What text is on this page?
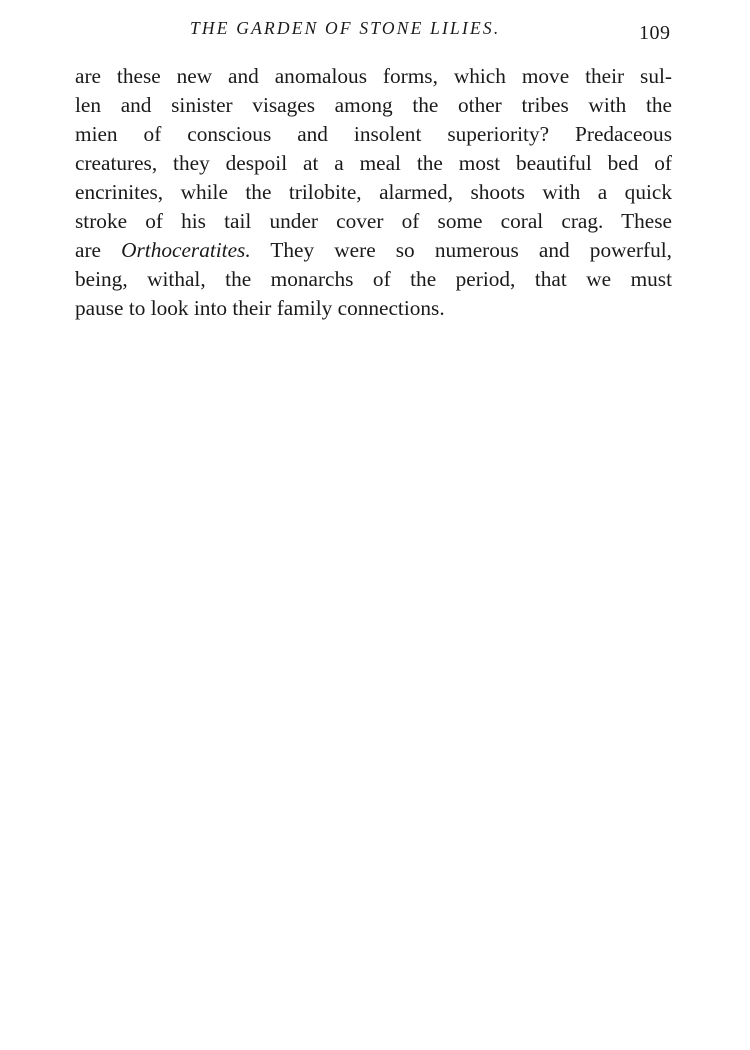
THE GARDEN OF STONE LILIES.	109
are these new and anomalous forms, which move their sul-
len and sinister visages among the other tribes with the
mien of conscious and insolent superiority? Predaceous
creatures, they despoil at a meal the most beautiful bed of
encrinites, while the trilobite, alarmed, shoots with a quick
stroke of his tail under cover of some coral crag. These
are Orthoceratites. They were so numerous and powerful,
being, withal, the monarchs of the period, that we must
pause to look into their family connections.
